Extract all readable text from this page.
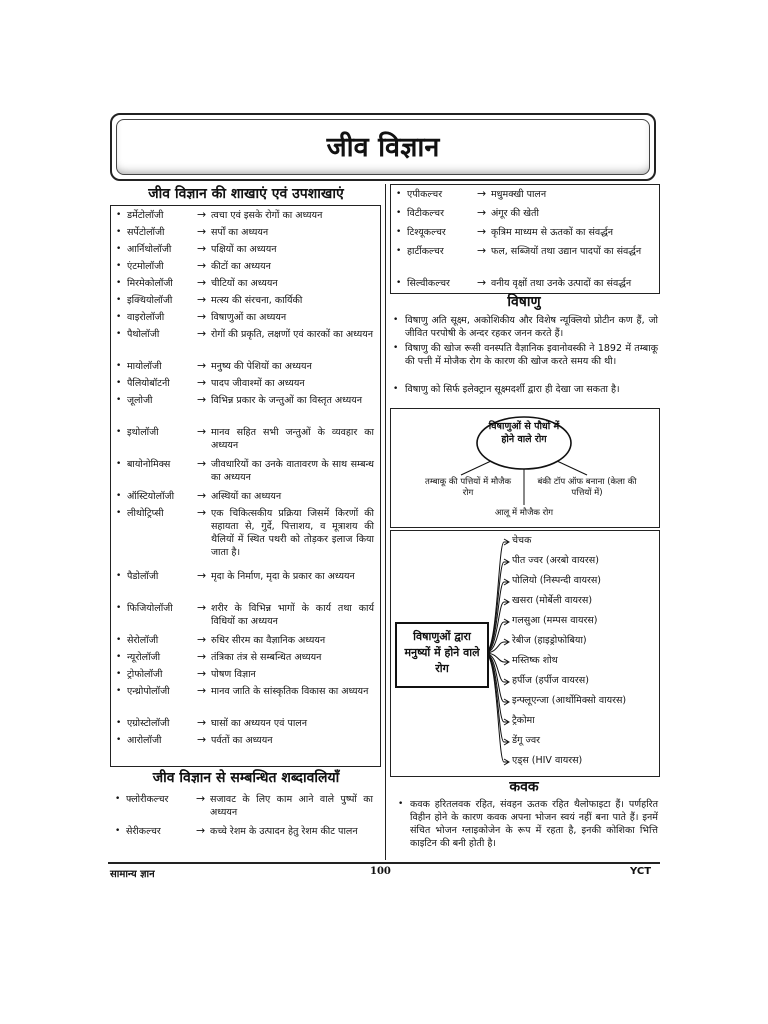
जीव विज्ञान
जीव विज्ञान की शाखाएं एवं उपशाखाएं
• डर्मेटोलॉजी	→ त्वचा एवं इसके रोगों का अध्ययन
• सर्पेटोलॉजी	→ सर्पों का अध्ययन
• आर्निथोलॉजी	→ पक्षियों का अध्ययन
• एंटमोलॉजी	→ कीटों का अध्ययन
• मिरमेकोलॉजी	→ चीटियों का अध्ययन
• इक्थियोलॉजी	→ मत्स्य की संरचना, कार्यिकी
• वाइरोलॉजी	→ विषाणुओं का अध्ययन
• पैथोलॉजी	→ रोगों की प्रकृति, लक्षणों एवं कारकों का अध्ययन
• मायोलॉजी	→ मनुष्य की पेशियों का अध्ययन
• पैलियोबॉटनी	→ पादप जीवाश्मों का अध्ययन
• जूलोजी	→ विभिन्न प्रकार के जन्तुओं का विस्तृत अध्ययन
• इथोलॉजी	→ मानव सहित सभी जन्तुओं के व्यवहार का अध्ययन
• बायोनोमिक्स	→ जीवधारियों का उनके वातावरण के साथ सम्बन्ध का अध्ययन
• ऑस्टियोलॉजी	→ अस्थियों का अध्ययन
• लीथोट्रिप्सी	→ एक चिकित्सकीय प्रक्रिया जिसमें किरणों की सहायता से, गुर्दे, पित्ताशय, व मूत्राशय की थैलियों में स्थित पथरी को तोड़कर इलाज किया जाता है।
• पैडोलॉजी	→ मृदा के निर्माण, मृदा के प्रकार का अध्ययन
• फिजियोलॉजी	→ शरीर के विभिन्न भागों के कार्य तथा कार्य विधियों का अध्ययन
• सेरोलॉजी	→ रुधिर सीरम का वैज्ञानिक अध्ययन
• न्यूरोलॉजी	→ तंत्रिका तंत्र से सम्बन्धित अध्ययन
• ट्रोफोलॉजी	→ पोषण विज्ञान
• एन्थ्रोपोलॉजी	→ मानव जाति के सांस्कृतिक विकास का अध्ययन
• एग्रोस्टोलॉजी	→ घासों का अध्ययन एवं पालन
• आरोलॉजी	→ पर्वतों का अध्ययन
जीव विज्ञान से सम्बन्धित शब्दावलियाँ
• फ्लोरीकल्चर	→ सजावट के लिए काम आने वाले पुष्पों का अध्ययन
• सेरीकल्चर	→ कच्चे रेशम के उत्पादन हेतु रेशम कीट पालन
• एपीकल्चर	→ मधुमक्खी पालन
• विटीकल्चर	→ अंगूर की खेती
• टिश्यूकल्चर	→ कृत्रिम माध्यम से ऊतकों का संवर्द्धन
• हार्टीकल्चर	→ फल, सब्जियों तथा उद्यान पादपों का संवर्द्धन
• सिल्वीकल्चर	→ वनीय वृक्षों तथा उनके उत्पादों का संवर्द्धन
विषाणु
• विषाणु अति सूक्ष्म, अकोशिकीय और विशेष न्यूक्लियो प्रोटीन कण हैं, जो जीवित परपोषी के अन्दर रहकर जनन करते हैं।
• विषाणु की खोज रूसी वनस्पति वैज्ञानिक इवानोवस्की ने 1892 में तम्बाकू की पत्ती में मोजैक रोग के कारण की खोज करते समय की थी।
• विषाणु को सिर्फ इलेक्ट्रान सूक्ष्मदर्शी द्वारा ही देखा जा सकता है।
विषाणुओं से पौधों में होने वाले रोग
तम्बाकू की पत्तियों में मौजैक रोग
बंकी टॉप ऑफ बनाना (केला की पत्तियों में)
आलू में मौजैक रोग
विषाणुओं द्वारा मनुष्यों में होने वाले रोग
चेचक
पीत ज्वर (अरबो वायरस)
पोलियो (निस्पन्दी वायरस)
खसरा (मोर्बेली वायरस)
गलसुआ (मम्पस वायरस)
रेबीज (हाइड्रोफोबिया)
मस्तिष्क शोथ
हर्पीज (हर्पीज वायरस)
इन्फ्लूएन्जा (आर्थोमिक्सो वायरस)
ट्रैकोमा
डेंगू ज्वर
एड्स (HIV वायरस)
कवक
• कवक हरितलवक रहित, संवहन ऊतक रहित थैलोफाइटा हैं। पर्णहरित विहीन होने के कारण कवक अपना भोजन स्वयं नहीं बना पाते हैं। इनमें संचित भोजन ग्लाइकोजेन के रूप में रहता है, इनकी कोशिका भित्ति काइटिन की बनी होती है।
सामान्य ज्ञान	100	YCT
